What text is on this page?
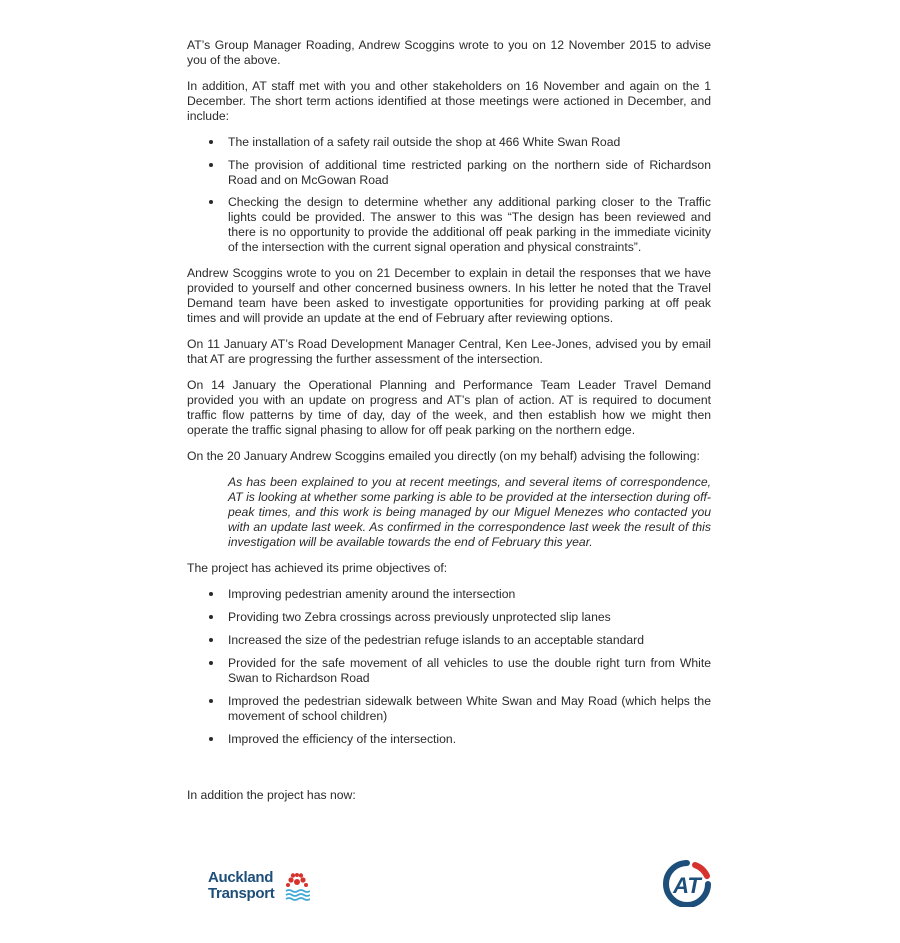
AT’s Group Manager Roading, Andrew Scoggins wrote to you on 12 November 2015 to advise you of the above.

In addition, AT staff met with you and other stakeholders on 16 November and again on the 1 December. The short term actions identified at those meetings were actioned in December, and include:

The installation of a safety rail outside the shop at 466 White Swan Road
The provision of additional time restricted parking on the northern side of Richardson Road and on McGowan Road
Checking the design to determine whether any additional parking closer to the Traffic lights could be provided. The answer to this was “The design has been reviewed and there is no opportunity to provide the additional off peak parking in the immediate vicinity of the intersection with the current signal operation and physical constraints”.

Andrew Scoggins wrote to you on 21 December to explain in detail the responses that we have provided to yourself and other concerned business owners. In his letter he noted that the Travel Demand team have been asked to investigate opportunities for providing parking at off peak times and will provide an update at the end of February after reviewing options.

On 11 January AT’s Road Development Manager Central, Ken Lee-Jones, advised you by email that AT are progressing the further assessment of the intersection.

On 14 January the Operational Planning and Performance Team Leader Travel Demand provided you with an update on progress and AT’s plan of action. AT is required to document traffic flow patterns by time of day, day of the week, and then establish how we might then operate the traffic signal phasing to allow for off peak parking on the northern edge.

On the 20 January Andrew Scoggins emailed you directly (on my behalf) advising the following:

As has been explained to you at recent meetings, and several items of correspondence, AT is looking at whether some parking is able to be provided at the intersection during off-peak times, and this work is being managed by our Miguel Menezes who contacted you with an update last week. As confirmed in the correspondence last week the result of this investigation will be available towards the end of February this year.

The project has achieved its prime objectives of:

Improving pedestrian amenity around the intersection
Providing two Zebra crossings across previously unprotected slip lanes
Increased the size of the pedestrian refuge islands to an acceptable standard
Provided for the safe movement of all vehicles to use the double right turn from White Swan to Richardson Road
Improved the pedestrian sidewalk between White Swan and May Road (which helps the movement of school children)
Improved the efficiency of the intersection.

In addition the project has now:

Auckland
Transport	AT
